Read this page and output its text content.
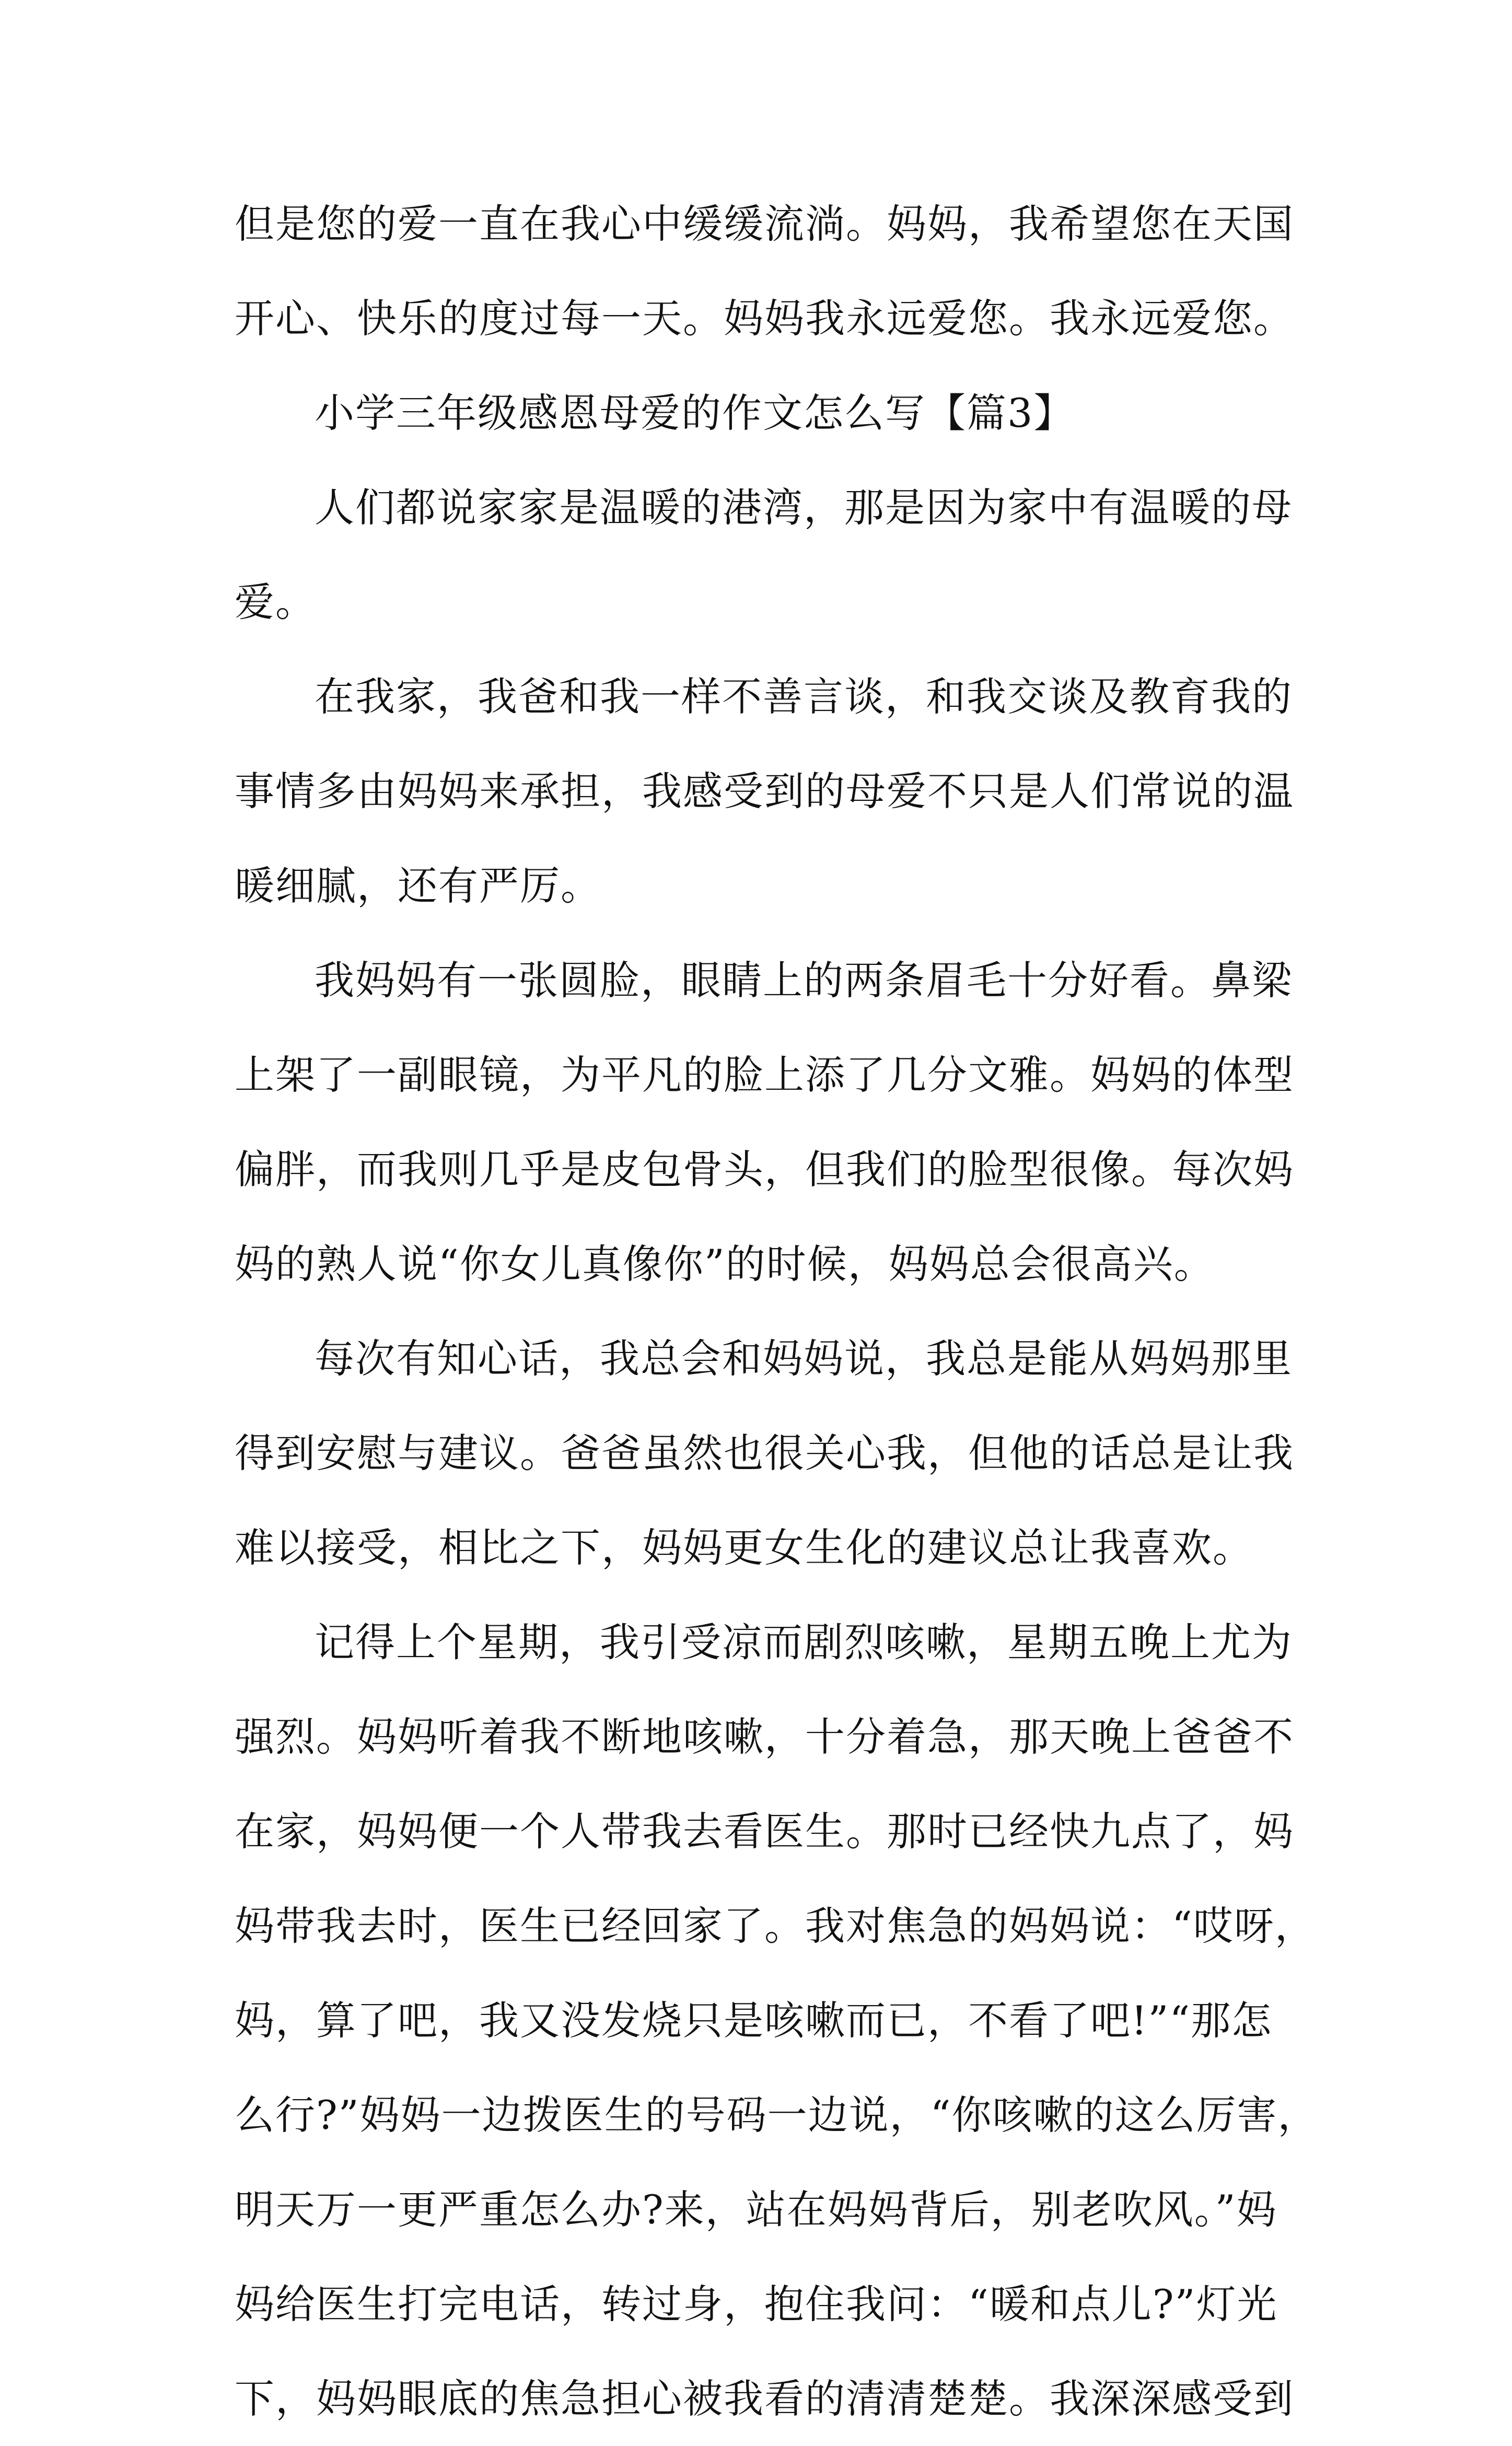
但是您的爱一直在我心中缓缓流淌。妈妈，我希望您在天国
开心、快乐的度过每一天。妈妈我永远爱您。我永远爱您。
小学三年级感恩母爱的作文怎么写【篇3】
人们都说家家是温暖的港湾，那是因为家中有温暖的母
爱。
在我家，我爸和我一样不善言谈，和我交谈及教育我的
事情多由妈妈来承担，我感受到的母爱不只是人们常说的温
暖细腻，还有严厉。
我妈妈有一张圆脸，眼睛上的两条眉毛十分好看。鼻梁
上架了一副眼镜，为平凡的脸上添了几分文雅。妈妈的体型
偏胖，而我则几乎是皮包骨头，但我们的脸型很像。每次妈
妈的熟人说“你女儿真像你”的时候，妈妈总会很高兴。
每次有知心话，我总会和妈妈说，我总是能从妈妈那里
得到安慰与建议。爸爸虽然也很关心我，但他的话总是让我
难以接受，相比之下，妈妈更女生化的建议总让我喜欢。
记得上个星期，我引受凉而剧烈咳嗽，星期五晚上尤为
强烈。妈妈听着我不断地咳嗽，十分着急，那天晚上爸爸不
在家，妈妈便一个人带我去看医生。那时已经快九点了，妈
妈带我去时，医生已经回家了。我对焦急的妈妈说：“哎呀，
妈，算了吧，我又没发烧只是咳嗽而已，不看了吧!”“那怎
么行?”妈妈一边拨医生的号码一边说，“你咳嗽的这么厉害，
明天万一更严重怎么办?来，站在妈妈背后，别老吹风。”妈
妈给医生打完电话，转过身，抱住我问：“暖和点儿?”灯光
下，妈妈眼底的焦急担心被我看的清清楚楚。我深深感受到
